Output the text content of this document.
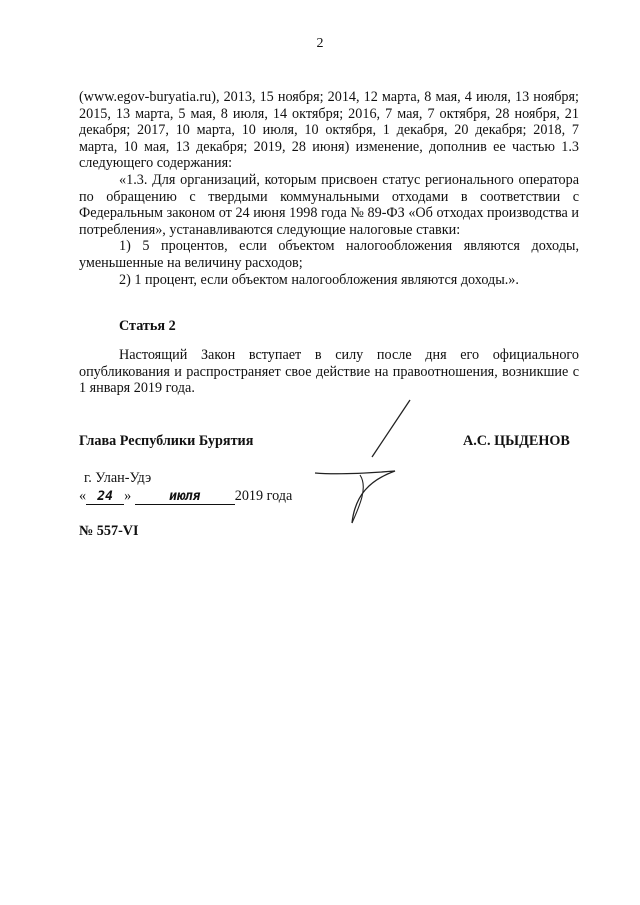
2

(www.egov-buryatia.ru), 2013, 15 ноября; 2014, 12 марта, 8 мая, 4 июля, 13 ноября; 2015, 13 марта, 5 мая, 8 июля, 14 октября; 2016, 7 мая, 7 октября, 28 ноября, 21 декабря; 2017, 10 марта, 10 июля, 10 октября, 1 декабря, 20 декабря; 2018, 7 марта, 10 мая, 13 декабря; 2019, 28 июня) изменение, дополнив ее частью 1.3 следующего содержания:

«1.3. Для организаций, которым присвоен статус регионального оператора по обращению с твердыми коммунальными отходами в соответствии с Федеральным законом от 24 июня 1998 года № 89-ФЗ «Об отходах производства и потребления», устанавливаются следующие налоговые ставки:

1) 5 процентов, если объектом налогообложения являются доходы, уменьшенные на величину расходов;

2) 1 процент, если объектом налогообложения являются доходы.».

Статья 2
Настоящий Закон вступает в силу после дня его официального опубликования и распространяет свое действие на правоотношения, возникшие с 1 января 2019 года.
Глава Республики Бурятия	А.С. ЦЫДЕНОВ
г. Улан-Удэ
« 24 »	июля 2019 года
№ 557-VI
